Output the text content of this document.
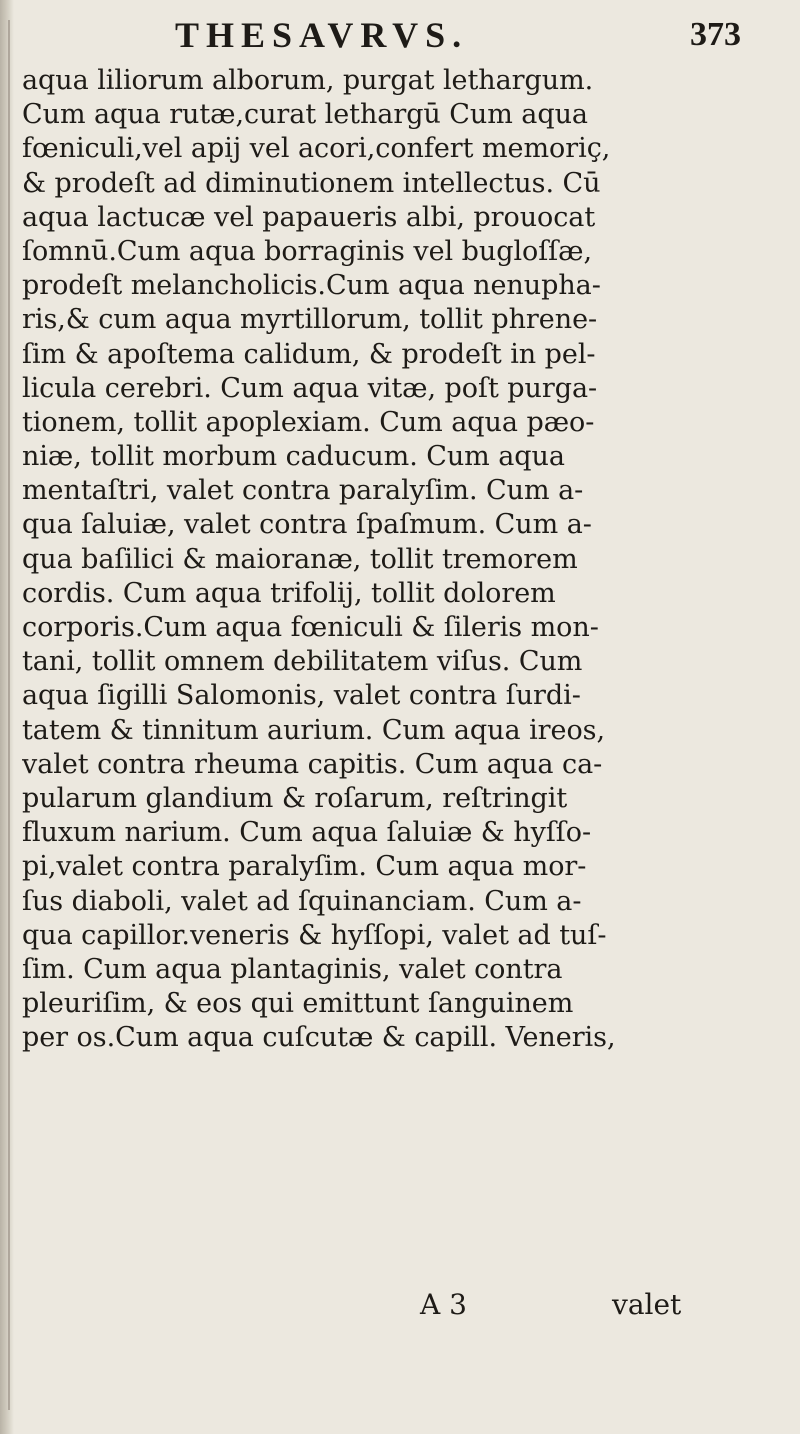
THESAVRVS.	373
aqua liliorum alborum, purgat lethargum.
Cum aqua rutæ,curat lethargū Cum aqua
fœniculi,vel apij vel acori,confert memoriç,
& prodeſt ad diminutionem intellectus. Cū
aqua lactucæ vel papaueris albi, prouocat
ſomnū.Cum aqua borraginis vel bugloſſæ,
prodeſt melancholicis.Cum aqua nenupha-
ris,& cum aqua myrtillorum, tollit phrene-
ſim & apoſtema calidum, & prodeſt in pel-
licula cerebri. Cum aqua vitæ, poſt purga-
tionem, tollit apoplexiam. Cum aqua pæo-
niæ, tollit morbum caducum. Cum aqua
mentaſtri, valet contra paralyſim. Cum a-
qua ſaluiæ, valet contra ſpaſmum. Cum a-
qua baſilici & maioranæ, tollit tremorem
cordis. Cum aqua trifolij, tollit dolorem
corporis.Cum aqua fœniculi & ſileris mon-
tani, tollit omnem debilitatem viſus. Cum
aqua ſigilli Salomonis, valet contra ſurdi-
tatem & tinnitum aurium. Cum aqua ireos,
valet contra rheuma capitis. Cum aqua ca-
pularum glandium & roſarum, reſtringit
fluxum narium. Cum aqua ſaluiæ & hyſſo-
pi,valet contra paralyſim. Cum aqua mor-
ſus diaboli, valet ad ſquinanciam. Cum a-
qua capillor.veneris & hyſſopi, valet ad tuſ-
ſim. Cum aqua plantaginis, valet contra
pleuriſim, & eos qui emittunt ſanguinem
per os.Cum aqua cuſcutæ & capill. Veneris,
A 3	valet
